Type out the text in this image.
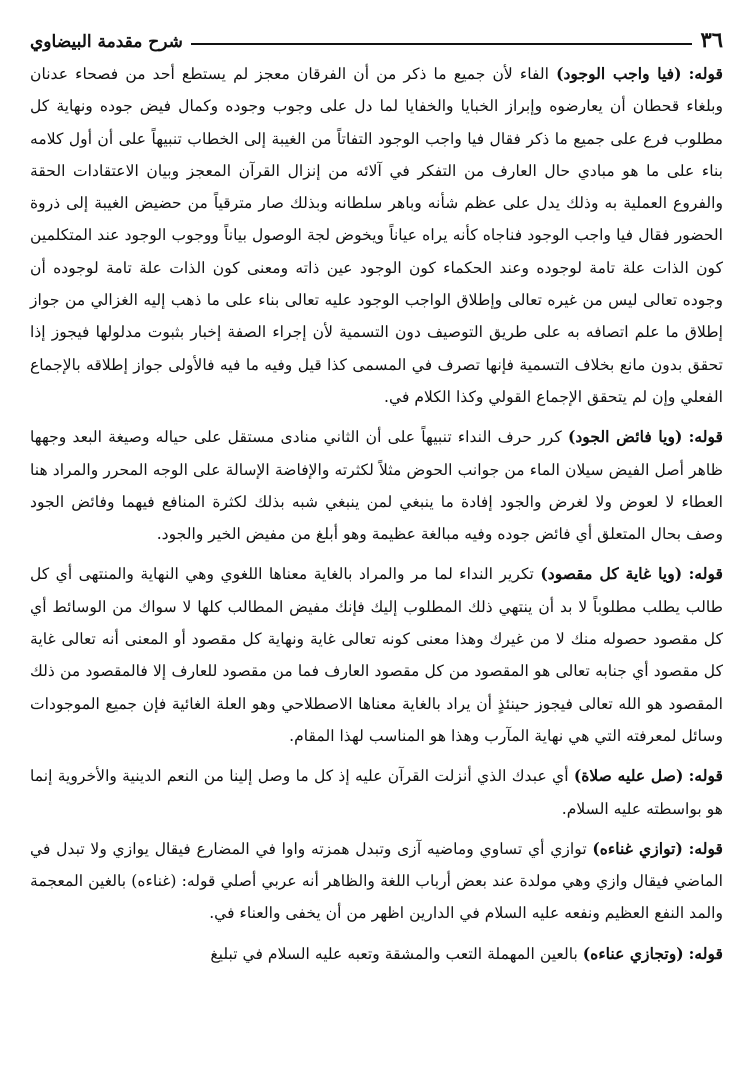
شرح مقدمة البيضاوي	٣٦

قوله: (فيا واجب الوجود) الفاء لأن جميع ما ذكر من أن الفرقان معجز لم يستطع أحد من فصحاء عدنان وبلغاء قحطان أن يعارضوه وإبراز الخبايا والخفايا لما دل على وجوب وجوده وكمال فيض جوده ونهاية كل مطلوب فرع على جميع ما ذكر فقال فيا واجب الوجود التفاتاً من الغيبة إلى الخطاب تنبيهاً على أن أول كلامه بناء على ما هو مبادي حال العارف من التفكر في آلائه من إنزال القرآن المعجز وبيان الاعتقادات الحقة والفروع العملية به وذلك يدل على عظم شأنه وباهر سلطانه وبذلك صار مترقياً من حضيض الغيبة إلى ذروة الحضور فقال فيا واجب الوجود فناجاه كأنه يراه عياناً ويخوض لجة الوصول بياناً ووجوب الوجود عند المتكلمين كون الذات علة تامة لوجوده وعند الحكماء كون الوجود عين ذاته ومعنى كون الذات علة تامة لوجوده أن وجوده تعالى ليس من غيره تعالى وإطلاق الواجب الوجود عليه تعالى بناء على ما ذهب إليه الغزالي من جواز إطلاق ما علم اتصافه به على طريق التوصيف دون التسمية لأن إجراء الصفة إخبار بثبوت مدلولها فيجوز إذا تحقق بدون مانع بخلاف التسمية فإنها تصرف في المسمى كذا قيل وفيه ما فيه فالأولى جواز إطلاقه بالإجماع الفعلي وإن لم يتحقق الإجماع القولي وكذا الكلام في.

قوله: (ويا فائض الجود) كرر حرف النداء تنبيهاً على أن الثاني منادى مستقل على حياله وصيغة البعد وجهها ظاهر أصل الفيض سيلان الماء من جوانب الحوض مثلاً لكثرته والإفاضة الإسالة على الوجه المحرر والمراد هنا العطاء لا لعوض ولا لغرض والجود إفادة ما ينبغي لمن ينبغي شبه بذلك لكثرة المنافع فيهما وفائض الجود وصف بحال المتعلق أي فائض جوده وفيه مبالغة عظيمة وهو أبلغ من مفيض الخير والجود.

قوله: (ويا غاية كل مقصود) تكرير النداء لما مر والمراد بالغاية معناها اللغوي وهي النهاية والمنتهى أي كل طالب يطلب مطلوباً لا بد أن ينتهي ذلك المطلوب إليك فإنك مفيض المطالب كلها لا سواك من الوسائط أي كل مقصود حصوله منك لا من غيرك وهذا معنى كونه تعالى غاية ونهاية كل مقصود أو المعنى أنه تعالى غاية كل مقصود أي جنابه تعالى هو المقصود من كل مقصود العارف فما من مقصود للعارف إلا فالمقصود من ذلك المقصود هو الله تعالى فيجوز حينئذٍ أن يراد بالغاية معناها الاصطلاحي وهو العلة الغائية فإن جميع الموجودات وسائل لمعرفته التي هي نهاية المآرب وهذا هو المناسب لهذا المقام.

قوله: (صل عليه صلاة) أي عبدك الذي أنزلت القرآن عليه إذ كل ما وصل إلينا من النعم الدينية والأخروية إنما هو بواسطته عليه السلام.

قوله: (توازي غناءه) توازي أي تساوي وماضيه آزى وتبدل همزته واوا في المضارع فيقال يوازي ولا تبدل في الماضي فيقال وازي وهي مولدة عند بعض أرباب اللغة والظاهر أنه عربي أصلي قوله: (غناءه) بالغين المعجمة والمد النفع العظيم ونفعه عليه السلام في الدارين اظهر من أن يخفى والعناء في.

قوله: (وتجازي عناءه) بالعين المهملة التعب والمشقة وتعبه عليه السلام في تبليغ
